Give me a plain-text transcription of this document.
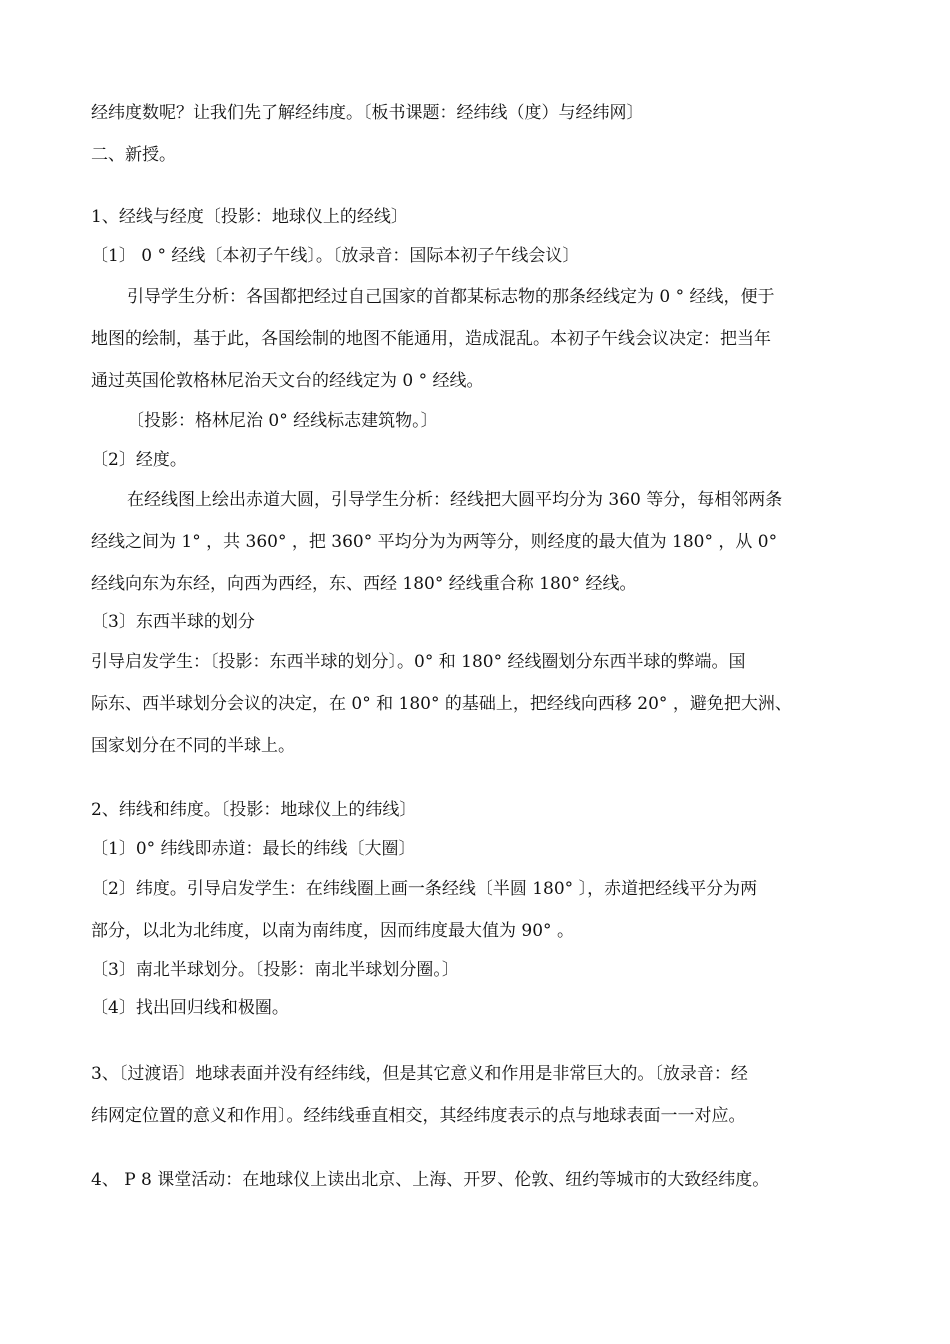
经纬度数呢？让我们先了解经纬度。〔板书课题：经纬线（度）与经纬网〕
二、新授。
1、经线与经度〔投影：地球仪上的经线〕
〔1〕 0 ° 经线〔本初子午线〕。〔放录音：国际本初子午线会议〕
引导学生分析：各国都把经过自己国家的首都某标志物的那条经线定为 0 ° 经线，便于
地图的绘制，基于此，各国绘制的地图不能通用，造成混乱。本初子午线会议决定：把当年
通过英国伦敦格林尼治天文台的经线定为 0 ° 经线。
〔投影：格林尼治 0° 经线标志建筑物。〕
〔2〕经度。
在经线图上绘出赤道大圆，引导学生分析：经线把大圆平均分为 360 等分，每相邻两条
经线之间为 1° ，共 360° ，把 360° 平均分为为两等分，则经度的最大值为 180° ，从 0°
经线向东为东经，向西为西经，东、西经 180° 经线重合称 180° 经线。
〔3〕东西半球的划分
引导启发学生：〔投影：东西半球的划分〕。0° 和 180° 经线圈划分东西半球的弊端。国
际东、西半球划分会议的决定，在 0° 和 180° 的基础上，把经线向西移 20° ，避免把大洲、
国家划分在不同的半球上。
2、纬线和纬度。〔投影：地球仪上的纬线〕
〔1〕0° 纬线即赤道：最长的纬线〔大圈〕
〔2〕纬度。引导启发学生：在纬线圈上画一条经线〔半圆 180° 〕，赤道把经线平分为两
部分，以北为北纬度，以南为南纬度，因而纬度最大值为 90° 。
〔3〕南北半球划分。〔投影：南北半球划分圈。〕
〔4〕找出回归线和极圈。
3、〔过渡语〕地球表面并没有经纬线，但是其它意义和作用是非常巨大的。〔放录音：经
纬网定位置的意义和作用〕。经纬线垂直相交，其经纬度表示的点与地球表面一一对应。
4、 P 8 课堂活动：在地球仪上读出北京、上海、开罗、伦敦、纽约等城市的大致经纬度。
